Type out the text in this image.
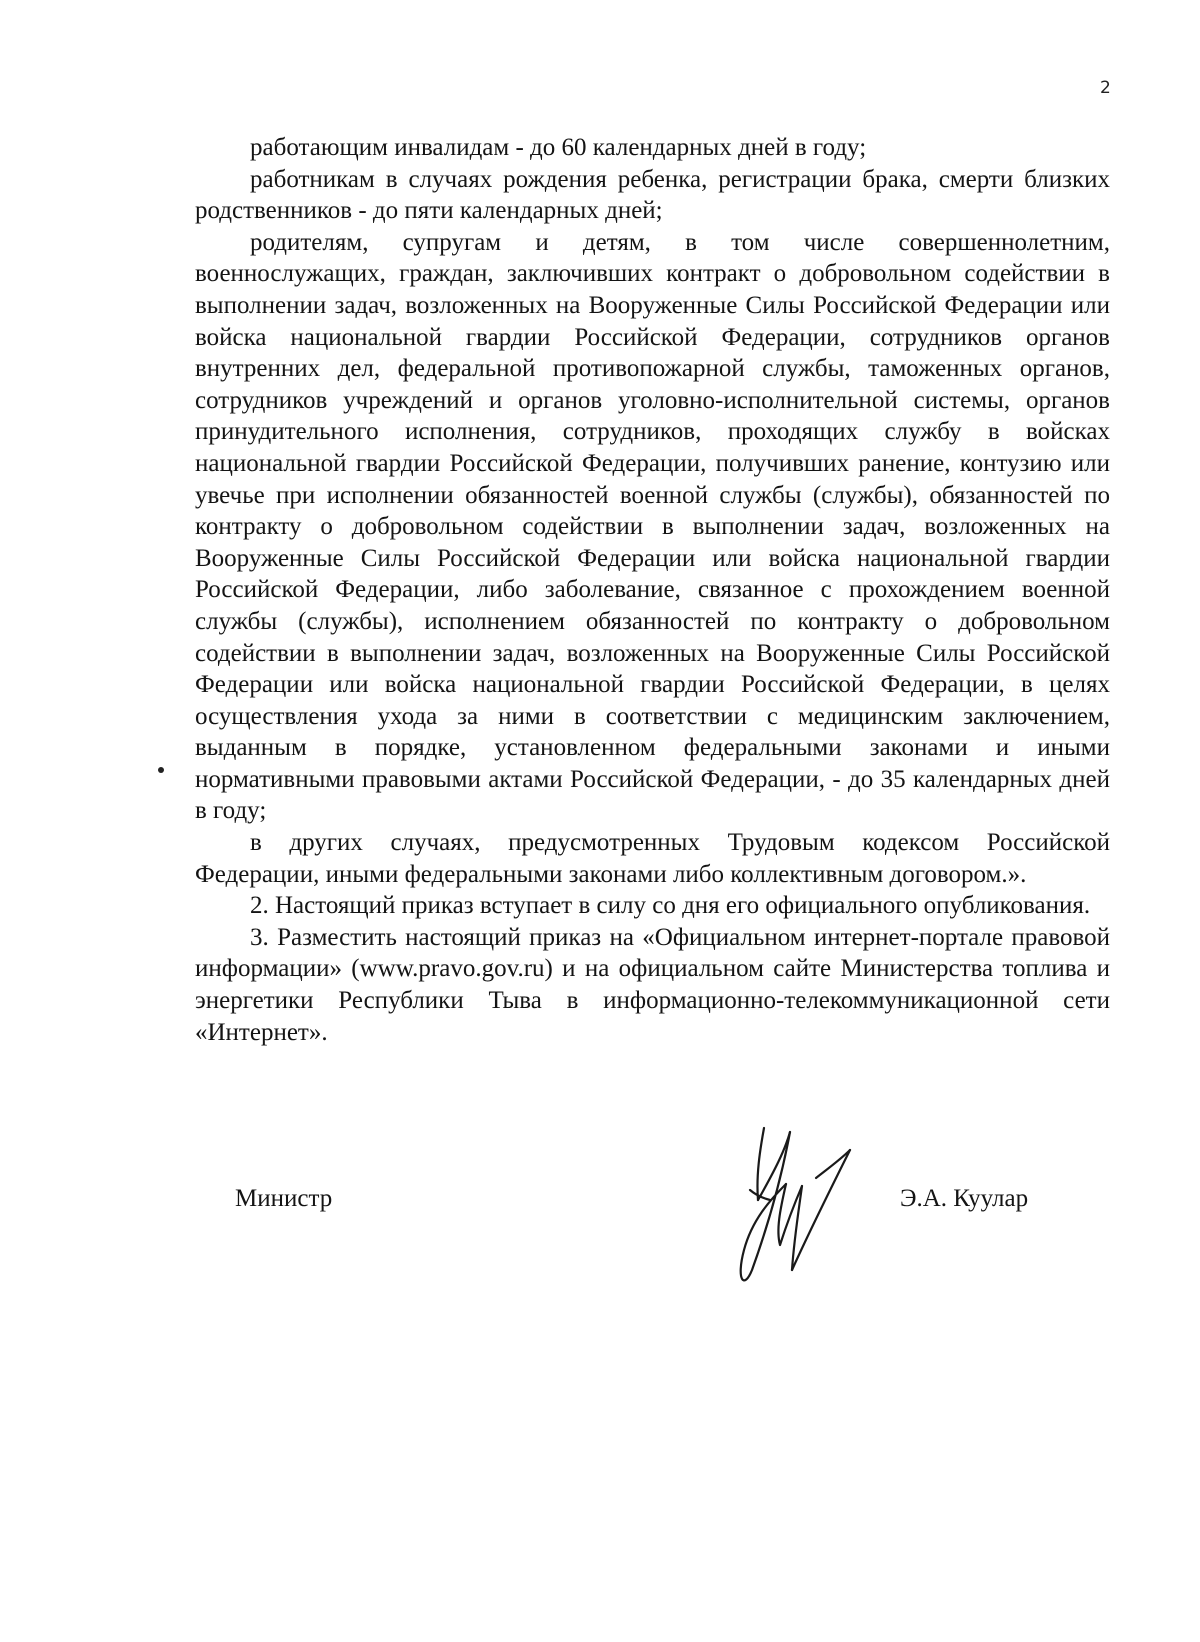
2

работающим инвалидам - до 60 календарных дней в году;

работникам в случаях рождения ребенка, регистрации брака, смерти близких родственников - до пяти календарных дней;

родителям, супругам и детям, в том числе совершеннолетним, военнослужащих, граждан, заключивших контракт о добровольном содействии в выполнении задач, возложенных на Вооруженные Силы Российской Федерации или войска национальной гвардии Российской Федерации, сотрудников органов внутренних дел, федеральной противопожарной службы, таможенных органов, сотрудников учреждений и органов уголовно-исполнительной системы, органов принудительного исполнения, сотрудников, проходящих службу в войсках национальной гвардии Российской Федерации, получивших ранение, контузию или увечье при исполнении обязанностей военной службы (службы), обязанностей по контракту о добровольном содействии в выполнении задач, возложенных на Вооруженные Силы Российской Федерации или войска национальной гвардии Российской Федерации, либо заболевание, связанное с прохождением военной службы (службы), исполнением обязанностей по контракту о добровольном содействии в выполнении задач, возложенных на Вооруженные Силы Российской Федерации или войска национальной гвардии Российской Федерации, в целях осуществления ухода за ними в соответствии с медицинским заключением, выданным в порядке, установленном федеральными законами и иными нормативными правовыми актами Российской Федерации, - до 35 календарных дней в году;

в других случаях, предусмотренных Трудовым кодексом Российской Федерации, иными федеральными законами либо коллективным договором.».

2. Настоящий приказ вступает в силу со дня его официального опубликования.

3. Разместить настоящий приказ на «Официальном интернет-портале правовой информации» (www.pravo.gov.ru) и на официальном сайте Министерства топлива и энергетики Республики Тыва в информационно-телекоммуникационной сети «Интернет».

Министр	Э.А. Куулар
